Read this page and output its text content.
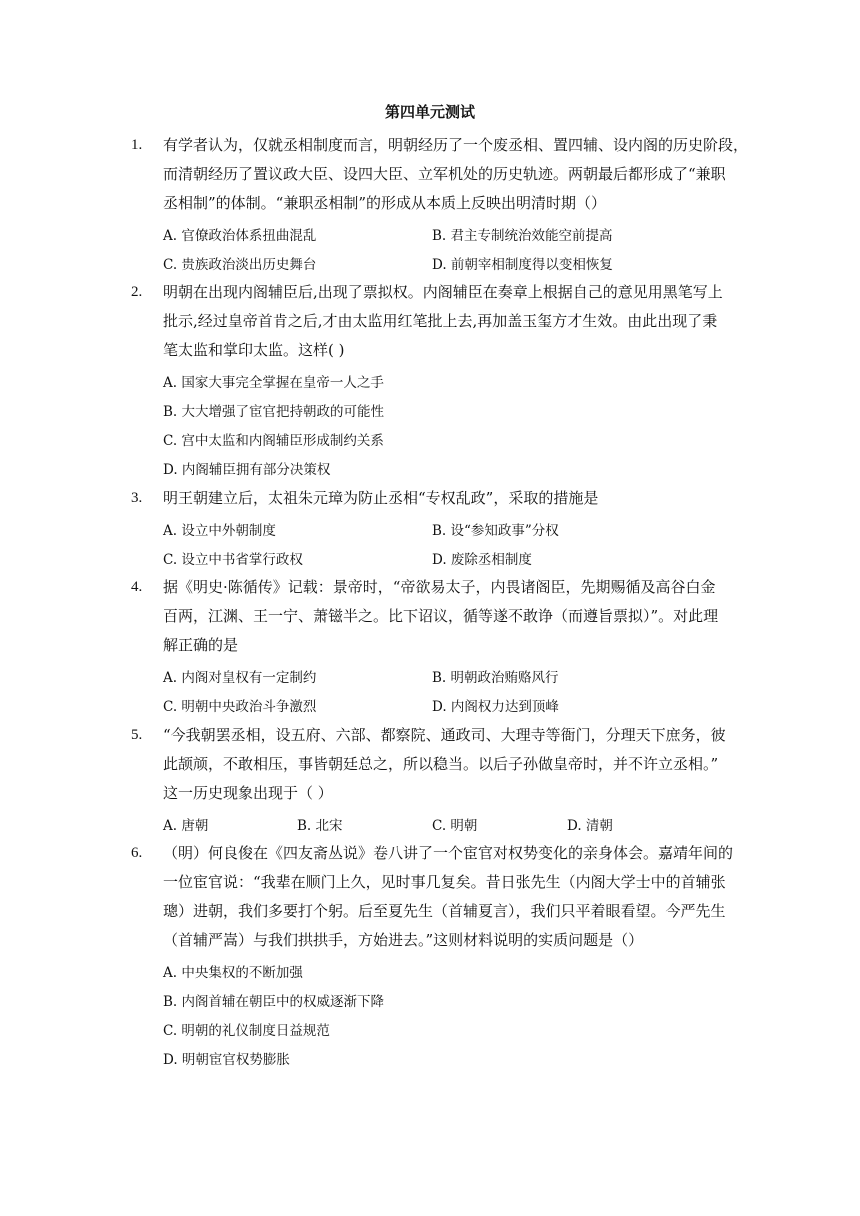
第四单元测试
1. 有学者认为，仅就丞相制度而言，明朝经历了一个废丞相、置四辅、设内阁的历史阶段，
而清朝经历了置议政大臣、设四大臣、立军机处的历史轨迹。两朝最后都形成了“兼职
丞相制”的体制。“兼职丞相制”的形成从本质上反映出明清时期（）
A. 官僚政治体系扭曲混乱	B. 君主专制统治效能空前提高
C. 贵族政治淡出历史舞台	D. 前朝宰相制度得以变相恢复
2. 明朝在出现内阁辅臣后,出现了票拟权。内阁辅臣在奏章上根据自己的意见用黑笔写上
批示,经过皇帝首肯之后,才由太监用红笔批上去,再加盖玉玺方才生效。由此出现了秉
笔太监和掌印太监。这样( )
A. 国家大事完全掌握在皇帝一人之手
B. 大大增强了宦官把持朝政的可能性
C. 宫中太监和内阁辅臣形成制约关系
D. 内阁辅臣拥有部分决策权
3. 明王朝建立后，太祖朱元璋为防止丞相“专权乱政”，采取的措施是
A. 设立中外朝制度	B. 设“参知政事”分权
C. 设立中书省掌行政权	D. 废除丞相制度
4. 据《明史·陈循传》记载：景帝时，“帝欲易太子，内畏诸阁臣，先期赐循及高谷白金
百两，江渊、王一宁、萧镃半之。比下诏议，循等遂不敢诤（而遵旨票拟）”。对此理
解正确的是
A. 内阁对皇权有一定制约	B. 明朝政治贿赂风行
C. 明朝中央政治斗争激烈	D. 内阁权力达到顶峰
5. “今我朝罢丞相，设五府、六部、都察院、通政司、大理寺等衙门，分理天下庶务，彼
此颉颃，不敢相压，事皆朝廷总之，所以稳当。以后子孙做皇帝时，并不许立丞相。”
这一历史现象出现于（ ）
A. 唐朝	B. 北宋	C. 明朝	D. 清朝
6. （明）何良俊在《四友斋丛说》卷八讲了一个宦官对权势变化的亲身体会。嘉靖年间的
一位宦官说：“我辈在顺门上久，见时事几复矣。昔日张先生（内阁大学士中的首辅张
璁）进朝，我们多要打个躬。后至夏先生（首辅夏言），我们只平着眼看望。今严先生
（首辅严嵩）与我们拱拱手，方始进去。”这则材料说明的实质问题是（）
A. 中央集权的不断加强
B. 内阁首辅在朝臣中的权威逐渐下降
C. 明朝的礼仪制度日益规范
D. 明朝宦官权势膨胀
